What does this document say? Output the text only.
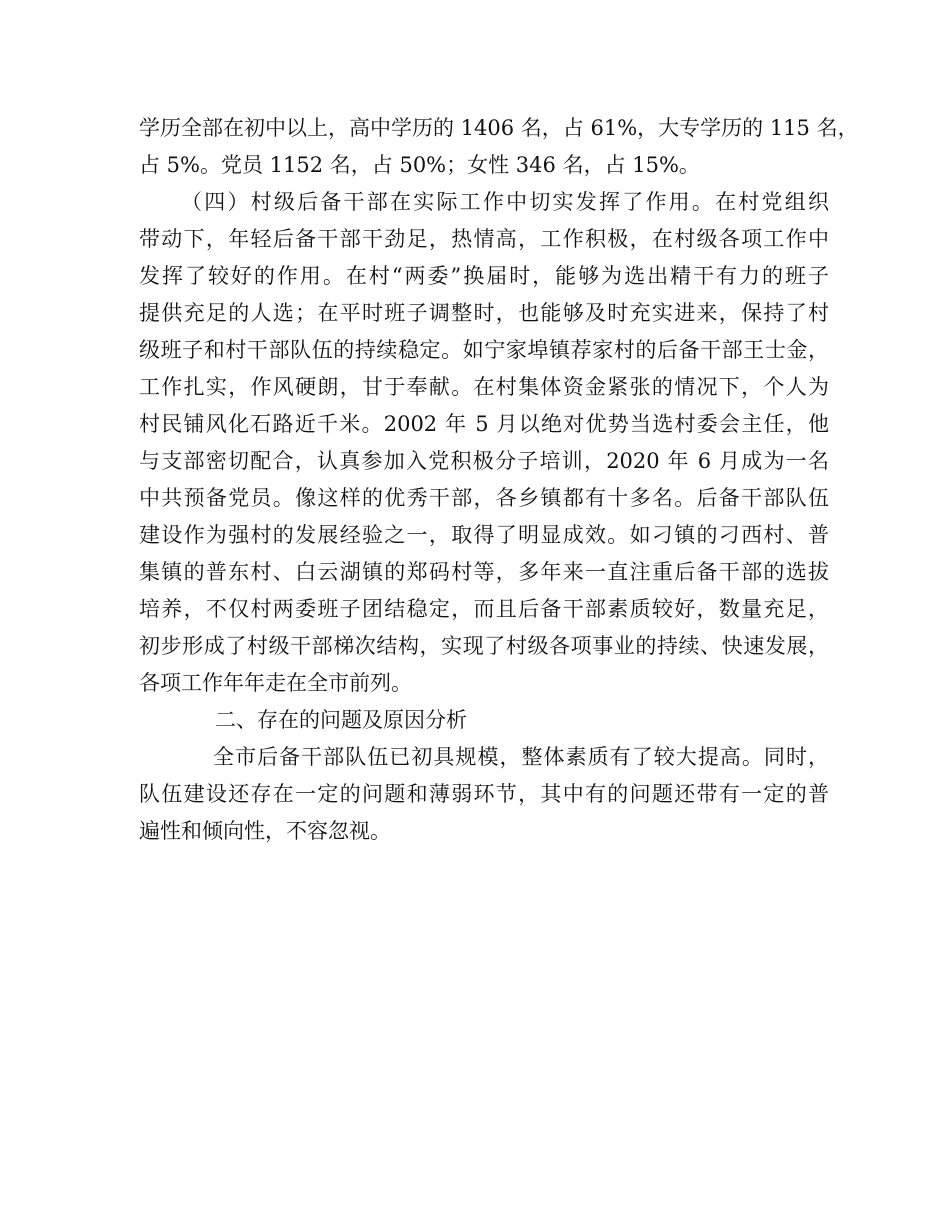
学历全部在初中以上，高中学历的 1406 名，占 61%，大专学历的 115 名，
占 5%。党员 1152 名，占 50%；女性 346 名，占 15%。
（四）村级后备干部在实际工作中切实发挥了作用。在村党组织
带动下，年轻后备干部干劲足，热情高，工作积极，在村级各项工作中
发挥了较好的作用。在村“两委”换届时，能够为选出精干有力的班子
提供充足的人选；在平时班子调整时，也能够及时充实进来，保持了村
级班子和村干部队伍的持续稳定。如宁家埠镇荐家村的后备干部王士金，
工作扎实，作风硬朗，甘于奉献。在村集体资金紧张的情况下，个人为
村民铺风化石路近千米。2002 年 5 月以绝对优势当选村委会主任，他
与支部密切配合，认真参加入党积极分子培训，2020 年 6 月成为一名
中共预备党员。像这样的优秀干部，各乡镇都有十多名。后备干部队伍
建设作为强村的发展经验之一，取得了明显成效。如刁镇的刁西村、普
集镇的普东村、白云湖镇的郑码村等，多年来一直注重后备干部的选拔
培养，不仅村两委班子团结稳定，而且后备干部素质较好，数量充足，
初步形成了村级干部梯次结构，实现了村级各项事业的持续、快速发展，
各项工作年年走在全市前列。
二、存在的问题及原因分析
全市后备干部队伍已初具规模，整体素质有了较大提高。同时，
队伍建设还存在一定的问题和薄弱环节，其中有的问题还带有一定的普
遍性和倾向性，不容忽视。
